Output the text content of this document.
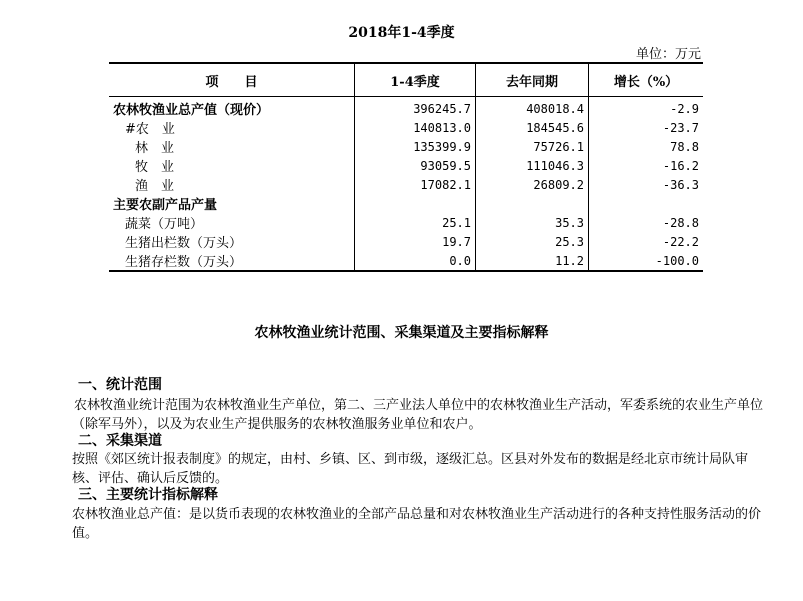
2018年1-4季度
单位：万元
项　　目	1-4季度	去年同期	增长（%）
农林牧渔业总产值（现价）	396245.7	408018.4	-2.9
#农　业	140813.0	184545.6	-23.7
林　业	135399.9	75726.1	78.8
牧　业	93059.5	111046.3	-16.2
渔　业	17082.1	26809.2	-36.3
主要农副产品产量			
蔬菜（万吨）	25.1	35.3	-28.8
生猪出栏数（万头）	19.7	25.3	-22.2
生猪存栏数（万头）	0.0	11.2	-100.0
农林牧渔业统计范围、采集渠道及主要指标解释
一、统计范围
农林牧渔业统计范围为农林牧渔业生产单位，第二、三产业法人单位中的农林牧渔业生产活动，军委系统的农业生产单位（除军马外），以及为农业生产提供服务的农林牧渔服务业单位和农户。
二、采集渠道
按照《郊区统计报表制度》的规定，由村、乡镇、区、到市级，逐级汇总。区县对外发布的数据是经北京市统计局队审核、评估、确认后反馈的。
三、主要统计指标解释
农林牧渔业总产值：是以货币表现的农林牧渔业的全部产品总量和对农林牧渔业生产活动进行的各种支持性服务活动的价值。
